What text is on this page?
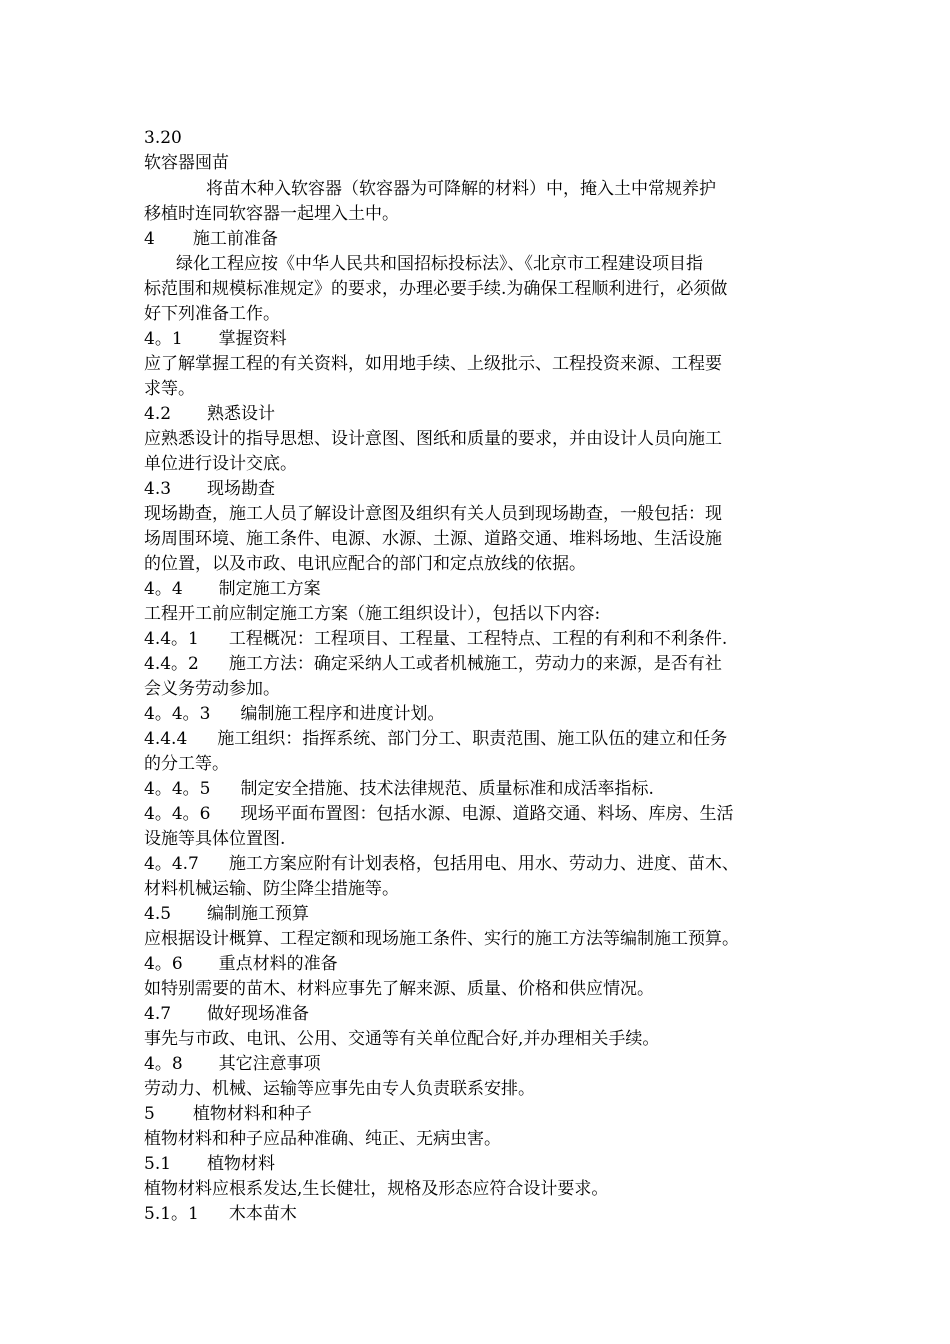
3.20
软容器囤苗
将苗木种入软容器（软容器为可降解的材料）中，掩入土中常规养护
移植时连同软容器一起埋入土中。
4 施工前准备
绿化工程应按《中华人民共和国招标投标法》、《北京市工程建设项目指
标范围和规模标准规定》的要求，办理必要手续.为确保工程顺利进行，必须做
好下列准备工作。
4。1 掌握资料
应了解掌握工程的有关资料，如用地手续、上级批示、工程投资来源、工程要
求等。
4.2 熟悉设计
应熟悉设计的指导思想、设计意图、图纸和质量的要求，并由设计人员向施工
单位进行设计交底。
4.3 现场勘查
现场勘查，施工人员了解设计意图及组织有关人员到现场勘查，一般包括：现
场周围环境、施工条件、电源、水源、土源、道路交通、堆料场地、生活设施
的位置，以及市政、电讯应配合的部门和定点放线的依据。
4。4 制定施工方案
工程开工前应制定施工方案（施工组织设计），包括以下内容:
4.4。1 工程概况：工程项目、工程量、工程特点、工程的有利和不利条件.
4.4。2 施工方法：确定采纳人工或者机械施工，劳动力的来源，是否有社
会义务劳动参加。
4。4。3 编制施工程序和进度计划。
4.4.4 施工组织：指挥系统、部门分工、职责范围、施工队伍的建立和任务
的分工等。
4。4。5 制定安全措施、技术法律规范、质量标准和成活率指标.
4。4。6 现场平面布置图：包括水源、电源、道路交通、料场、库房、生活
设施等具体位置图.
4。4.7 施工方案应附有计划表格，包括用电、用水、劳动力、进度、苗木、
材料机械运输、防尘降尘措施等。
4.5 编制施工预算
应根据设计概算、工程定额和现场施工条件、实行的施工方法等编制施工预算。
4。6 重点材料的准备
如特别需要的苗木、材料应事先了解来源、质量、价格和供应情况。
4.7 做好现场准备
事先与市政、电讯、公用、交通等有关单位配合好,并办理相关手续。
4。8 其它注意事项
劳动力、机械、运输等应事先由专人负责联系安排。
5 植物材料和种子
植物材料和种子应品种准确、纯正、无病虫害。
5.1 植物材料
植物材料应根系发达,生长健壮，规格及形态应符合设计要求。
5.1。1 木本苗木
